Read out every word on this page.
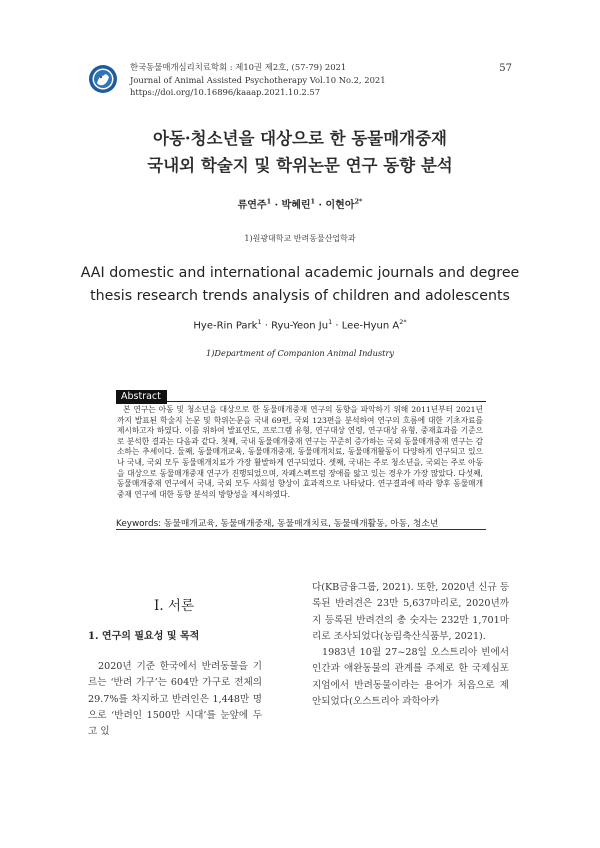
한국동물매개심리치료학회 : 제10권 제2호, (57-79) 2021
Journal of Animal Assisted Psychotherapy Vol.10 No.2, 2021
https://doi.org/10.16896/kaaap.2021.10.2.57
57
아동·청소년을 대상으로 한 동물매개중재
국내외 학술지 및 학위논문 연구 동향 분석
류연주$^1$ · 박혜린$^1$ · 이현아$^{2*}$
1)원광대학교 반려동물산업학과
AAI domestic and international academic journals and degree
thesis research trends analysis of children and adolescents
Hye-Rin Park$^1$ · Ryu-Yeon $Ju^1$ · Lee-Hyun $A^{2*}$
1)Department of Companion Animal Industry
Abstract
본 연구는 아동 및 청소년을 대상으로 한 동물매개중재 연구의 동향을 파악하기 위해 2011년부터 2021년까지 발표된 학술지 논문 및 학위논문을 국내 69편, 국외 123편을 분석하여 연구의 흐름에 대한 기초자료를 제시하고자 하였다. 이를 위하여 발표연도, 프로그램 유형, 연구대상 연령, 연구대상 유형, 중재효과를 기준으로 분석한 결과는 다음과 같다. 첫째, 국내 동물매개중재 연구는 꾸준히 증가하는 국외 동물매개중재 연구는 감소하는 추세이다. 둘째, 동물매개교육, 동물매개중재, 동물매개치료, 동물매개활동이 다양하게 연구되고 있으나 국내, 국외 모두 동물매개치료가 가장 활발하게 연구되었다. 셋째, 국내는 주로 청소년을, 국외는 주로 아동을 대상으로 동물매개중재 연구가 진행되었으며, 자폐스펙트럼 장애를 앓고 있는 경우가 가장 많았다. 다섯째, 동물매개중재 연구에서 국내, 국외 모두 사회성 향상이 효과적으로 나타났다. 연구결과에 따라 향후 동물매개중재 연구에 대한 동향 분석의 방향성을 제시하였다.
Keywords: 동물매개교육, 동물매개중재, 동물매개치료, 동물매개활동, 아동, 청소년
Ⅰ. 서론
1. 연구의 필요성 및 목적

2020년 기준 한국에서 반려동물을 기르는 ‘반려 가구’는 604만 가구로 전체의 29.7%를 차지하고 반려인은 1,448만 명으로 ‘반려인 1500만 시대’를 눈앞에 두고 있

다(KB금융그룹, 2021). 또한, 2020년 신규 등록된 반려견은 23만 5,637마리로, 2020년까지 등록된 반려견의 총 숫자는 232만 1,701마리로 조사되었다(농림축산식품부, 2021).

1983년 10월 27~28일 오스트리아 빈에서 인간과 애완동물의 관계를 주제로 한 국제심포지엄에서 반려동물이라는 용어가 처음으로 제안되었다(오스트리아 과학아카
